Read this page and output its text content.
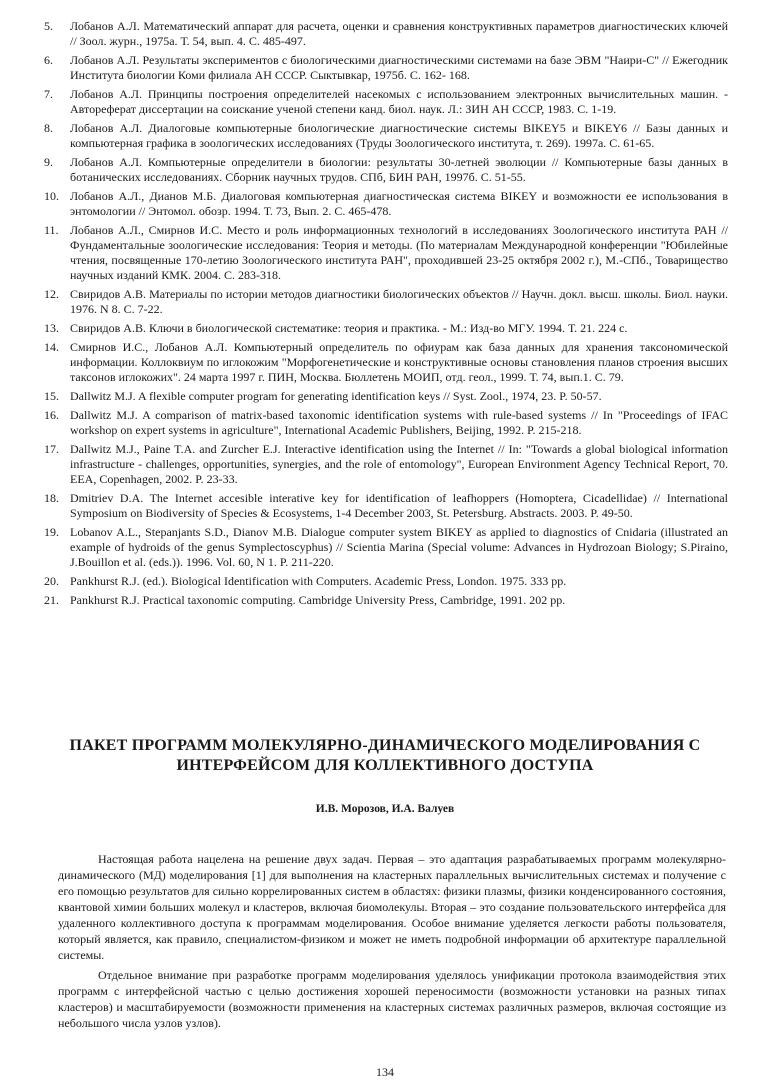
5.	Лобанов А.Л. Математический аппарат для расчета, оценки и сравнения конструктивных параметров диагностических ключей // Зоол. журн., 1975а. Т. 54, вып. 4. С. 485-497.
6.	Лобанов А.Л. Результаты экспериментов с биологическими диагностическими системами на базе ЭВМ "Наири-С" // Ежегодник Института биологии Коми филиала АН СССР. Сыктывкар, 1975б. С. 162- 168.
7.	Лобанов А.Л. Принципы построения определителей насекомых с использованием электронных вычислительных машин. - Автореферат диссертации на соискание ученой степени канд. биол. наук. Л.: ЗИН АН СССР, 1983. С. 1-19.
8.	Лобанов А.Л. Диалоговые компьютерные биологические диагностические системы BIKEY5 и BIKEY6 // Базы данных и компьютерная графика в зоологических исследованиях (Труды Зоологического института, т. 269). 1997а. С. 61-65.
9.	Лобанов А.Л. Компьютерные определители в биологии: результаты 30-летней эволюции // Компьютерные базы данных в ботанических исследованиях. Сборник научных трудов. СПб, БИН РАН, 1997б. С. 51-55.
10. Лобанов А.Л., Дианов М.Б. Диалоговая компьютерная диагностическая система BIKEY и возможности ее использования в энтомологии // Энтомол. обозр. 1994. Т. 73, Вып. 2. С. 465-478.
11. Лобанов А.Л., Смирнов И.С. Место и роль информационных технологий в исследованиях Зоологического института РАН // Фундаментальные зоологические исследования: Теория и методы. (По материалам Международной конференции "Юбилейные чтения, посвященные 170-летию Зоологического института РАН", проходившей 23-25 октября 2002 г.), М.-СПб., Товарищество научных изданий КМК. 2004. С. 283-318.
12. Свиридов А.В. Материалы по истории методов диагностики биологических объектов // Научн. докл. высш. школы. Биол. науки. 1976. N 8. С. 7-22.
13. Свиридов А.В. Ключи в биологической систематике: теория и практика. - М.: Изд-во МГУ. 1994. Т. 21. 224 с.
14. Смирнов И.С., Лобанов А.Л. Компьютерный определитель по офиурам как база данных для хранения таксономической информации. Коллоквиум по иглокожим "Морфогенетические и конструктивные основы становления планов строения высших таксонов иглокожих". 24 марта 1997 г. ПИН, Москва. Бюллетень МОИП, отд. геол., 1999. Т. 74, вып.1. С. 79.
15. Dallwitz M.J. A flexible computer program for generating identification keys // Syst. Zool., 1974, 23. P. 50-57.
16. Dallwitz M.J. A comparison of matrix-based taxonomic identification systems with rule-based systems // In "Proceedings of IFAC workshop on expert systems in agriculture", International Academic Publishers, Beijing, 1992. P. 215-218.
17. Dallwitz M.J., Paine T.A. and Zurcher E.J. Interactive identification using the Internet // In: "Towards a global biological information infrastructure - challenges, opportunities, synergies, and the role of entomology", European Environment Agency Technical Report, 70. EEA, Copenhagen, 2002. P. 23-33.
18. Dmitriev D.A. The Internet accesible interative key for identification of leafhoppers (Homoptera, Cicadellidae) // International Symposium on Biodiversity of Species & Ecosystems, 1-4 December 2003, St. Petersburg. Abstracts. 2003. P. 49-50.
19. Lobanov A.L., Stepanjants S.D., Dianov M.B. Dialogue computer system BIKEY as applied to diagnostics of Cnidaria (illustrated an example of hydroids of the genus Symplectoscyphus) // Scientia Marina (Special volume: Advances in Hydrozoan Biology; S.Piraino, J.Bouillon et al. (eds.)). 1996. Vol. 60, N 1. P. 211-220.
20. Pankhurst R.J. (ed.). Biological Identification with Computers. Academic Press, London. 1975. 333 pp.
21. Pankhurst R.J. Practical taxonomic computing. Cambridge University Press, Cambridge, 1991. 202 pp.
ПАКЕТ ПРОГРАММ МОЛЕКУЛЯРНО-ДИНАМИЧЕСКОГО МОДЕЛИРОВАНИЯ С
ИНТЕРФЕЙСОМ ДЛЯ КОЛЛЕКТИВНОГО ДОСТУПА
И.В. Морозов, И.А. Валуев

Настоящая работа нацелена на решение двух задач. Первая – это адаптация разрабатываемых программ молекулярно-динамического (МД) моделирования [1] для выполнения на кластерных параллельных вычислительных системах и получение с его помощью результатов для сильно коррелированных систем в областях: физики плазмы, физики конденсированного состояния, квантовой химии больших молекул и кластеров, включая биомолекулы. Вторая – это создание пользовательского интерфейса для удаленного коллективного доступа к программам моделирования. Особое внимание уделяется легкости работы пользователя, который является, как правило, специалистом-физиком и может не иметь подробной информации об архитектуре параллельной системы.

Отдельное внимание при разработке программ моделирования уделялось унификации протокола взаимодействия этих программ с интерфейсной частью с целью достижения хорошей переносимости (возможности установки на разных типах кластеров) и масштабируемости (возможности применения на кластерных системах различных размеров, включая состоящие из небольшого числа узлов узлов).

134
